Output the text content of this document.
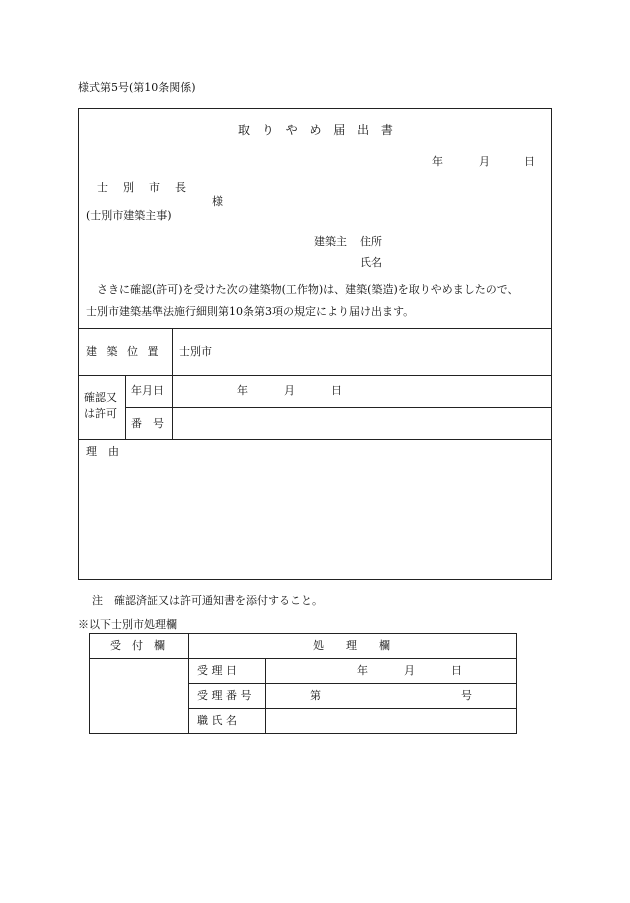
様式第5号(第10条関係)
取 り や め 届 出 書
年	月	日
士　別　市　長
様
(士別市建築主事)
建築主 住所
氏名
さきに確認(許可)を受けた次の建築物(工作物)は、建築(築造)を取りやめましたので、
士別市建築基準法施行細則第10条第3項の規定により届け出ます。
建 築 位 置 士別市
確認又
は許可
年月日	年	月	日
番　号
理　由
注　確認済証又は許可通知書を添付すること。
※以下士別市処理欄
受　付　欄	処　　理　　欄
受 理 日	年	月	日
受 理 番 号	第	号
職 氏 名
